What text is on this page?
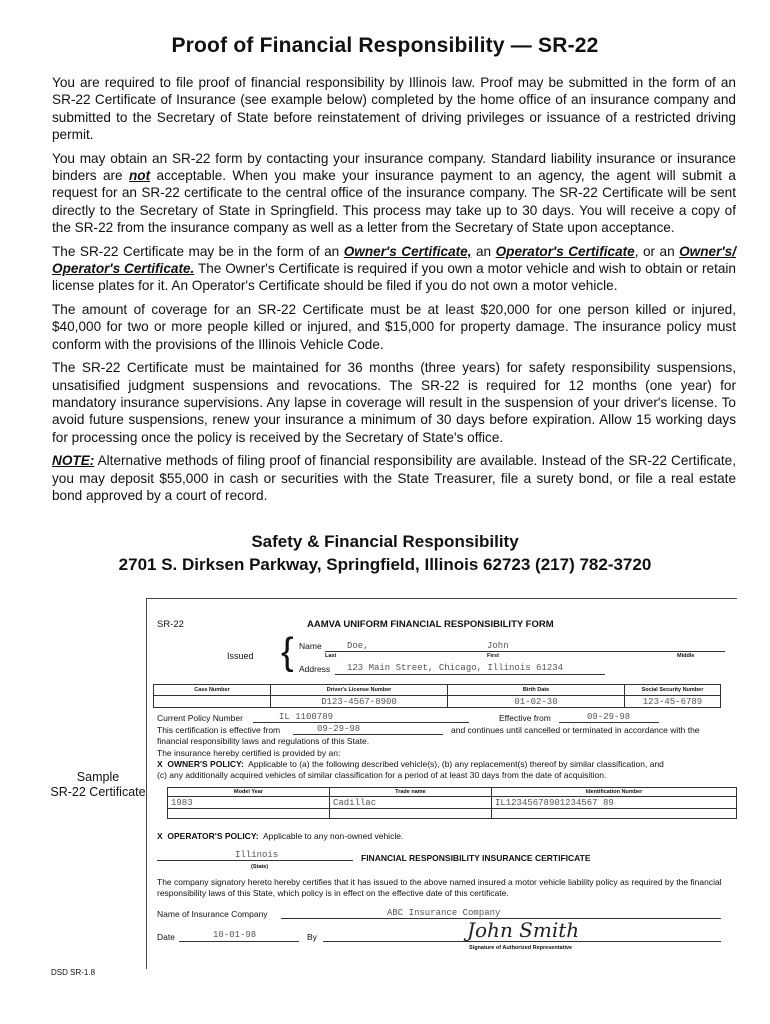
Proof of Financial Responsibility — SR-22

You are required to file proof of financial responsibility by Illinois law. Proof may be submitted in the form of an SR-22 Certificate of Insurance (see example below) completed by the home office of an insurance company and submitted to the Secretary of State before reinstatement of driving privileges or issuance of a restricted driving permit.

You may obtain an SR-22 form by contacting your insurance company. Standard liability insurance or insurance binders are not acceptable. When you make your insurance payment to an agency, the agent will submit a request for an SR-22 certificate to the central office of the insurance company. The SR-22 Certificate will be sent directly to the Secretary of State in Springfield. This process may take up to 30 days. You will receive a copy of the SR-22 from the insurance company as well as a letter from the Secretary of State upon acceptance.

The SR-22 Certificate may be in the form of an Owner's Certificate, an Operator's Certificate, or an Owner's/ Operator's Certificate. The Owner's Certificate is required if you own a motor vehicle and wish to obtain or retain license plates for it. An Operator's Certificate should be filed if you do not own a motor vehicle.

The amount of coverage for an SR-22 Certificate must be at least $20,000 for one person killed or injured, $40,000 for two or more people killed or injured, and $15,000 for property damage. The insurance policy must conform with the provisions of the Illinois Vehicle Code.

The SR-22 Certificate must be maintained for 36 months (three years) for safety responsibility suspensions, unsatisified judgment suspensions and revocations. The SR-22 is required for 12 months (one year) for mandatory insurance supervisions. Any lapse in coverage will result in the suspension of your driver's license. To avoid future suspensions, renew your insurance a minimum of 30 days before expiration. Allow 15 working days for processing once the policy is received by the Secretary of State's office.

NOTE: Alternative methods of filing proof of financial responsibility are available. Instead of the SR-22 Certificate, you may deposit $55,000 in cash or securities with the State Treasurer, file a surety bond, or file a real estate bond approved by a court of record.

Safety & Financial Responsibility
2701 S. Dirksen Parkway, Springfield, Illinois 62723 (217) 782-3720
Sample
SR-22 Certificate
SR-22	AAMVA UNIFORM FINANCIAL RESPONSIBILITY FORM
Issued { Name	Doe,	John
Last	First	Middle
Address 123 Main Street, Chicago, Illinois 61234
Case Number	Driver's License Number	Birth Date	Social Security Number
	D123-4567-8900	01-02-30	123-45-6789
Current Policy Number	IL 1100789	Effective from	09-29-98
This certification is effective from	09-29-98	and continues until cancelled or terminated in accordance with the
financial responsibility laws and regulations of this State.
The insurance hereby certified is provided by an:
X OWNER'S POLICY: Applicable to (a) the following described vehicle(s), (b) any replacement(s) thereof by similar classification, and
(c) any additionally acquired vehicles of similar classification for a period of at least 30 days from the date of acquisition.
Model Year	Trade name	Identification Number
1983	Cadillac	IL12345678901234567 89

X OPERATOR'S POLICY: Applicable to any non-owned vehicle.
Illinois
(State)
FINANCIAL RESPONSIBILITY INSURANCE CERTIFICATE
The company signatory hereto hereby certifies that it has issued to the above named insured a motor vehicle liability policy as required by the financial responsibility laws of this State, which policy is in effect on the effective date of this certificate.
Name of Insurance Company	ABC Insurance Company
Date	10-01-98	By	John Smith
Signature of Authorized Representative
DSD SR-1.8
